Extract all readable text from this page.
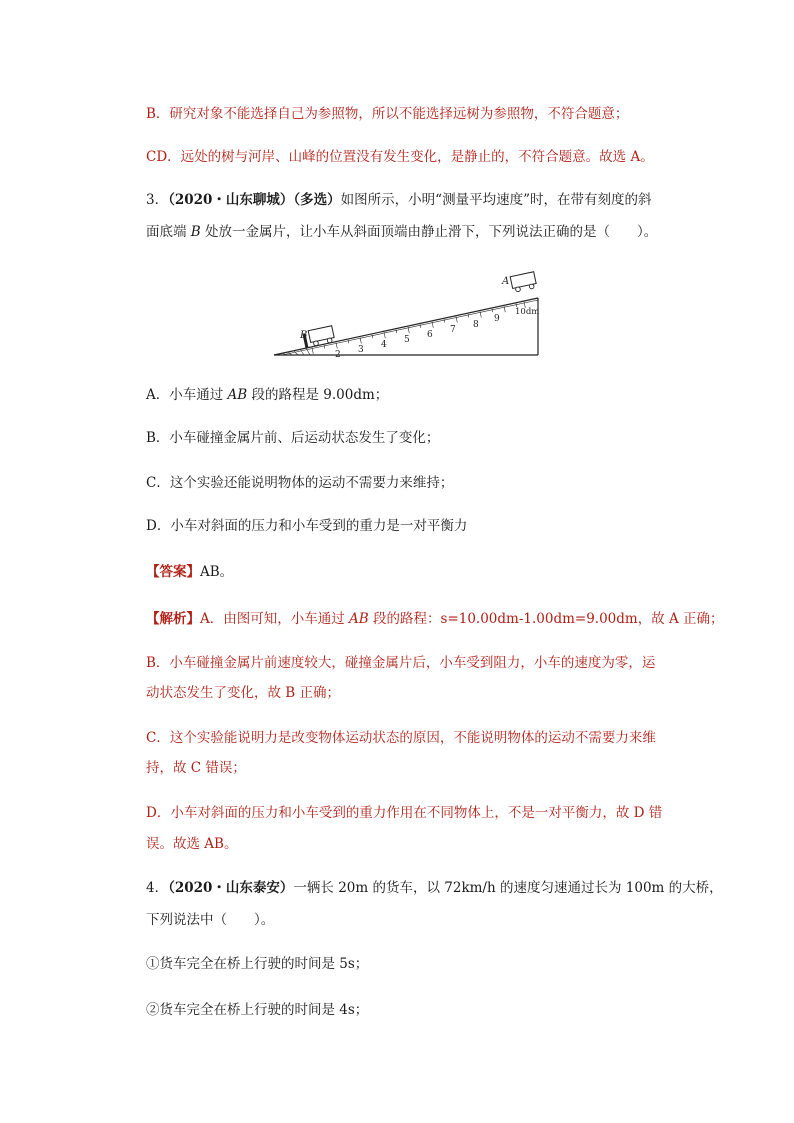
B．研究对象不能选择自己为参照物，所以不能选择远树为参照物，不符合题意；
CD．远处的树与河岸、山峰的位置没有发生变化，是静止的，不符合题意。故选 A。
3．（2020・山东聊城）（多选）如图所示，小明“测量平均速度”时，在带有刻度的斜
面底端 B 处放一金属片，让小车从斜面顶端由静止滑下，下列说法正确的是（　　）。
2 3 4 5 6 7 8
9
10dm
B
A
A．小车通过 AB 段的路程是 9.00dm；
B．小车碰撞金属片前、后运动状态发生了变化；
C．这个实验还能说明物体的运动不需要力来维持；
D．小车对斜面的压力和小车受到的重力是一对平衡力
【答案】AB。
【解析】A．由图可知，小车通过 AB 段的路程：s=10.00dm-1.00dm=9.00dm，故 A 正确；
B．小车碰撞金属片前速度较大，碰撞金属片后，小车受到阻力，小车的速度为零，运
动状态发生了变化，故 B 正确；
C．这个实验能说明力是改变物体运动状态的原因，不能说明物体的运动不需要力来维
持，故 C 错误；
D．小车对斜面的压力和小车受到的重力作用在不同物体上，不是一对平衡力，故 D 错
误。故选 AB。
4．（2020・山东泰安）一辆长 20m 的货车，以 72km/h 的速度匀速通过长为 100m 的大桥，
下列说法中（　　）。
①货车完全在桥上行驶的时间是 5s；
②货车完全在桥上行驶的时间是 4s；
